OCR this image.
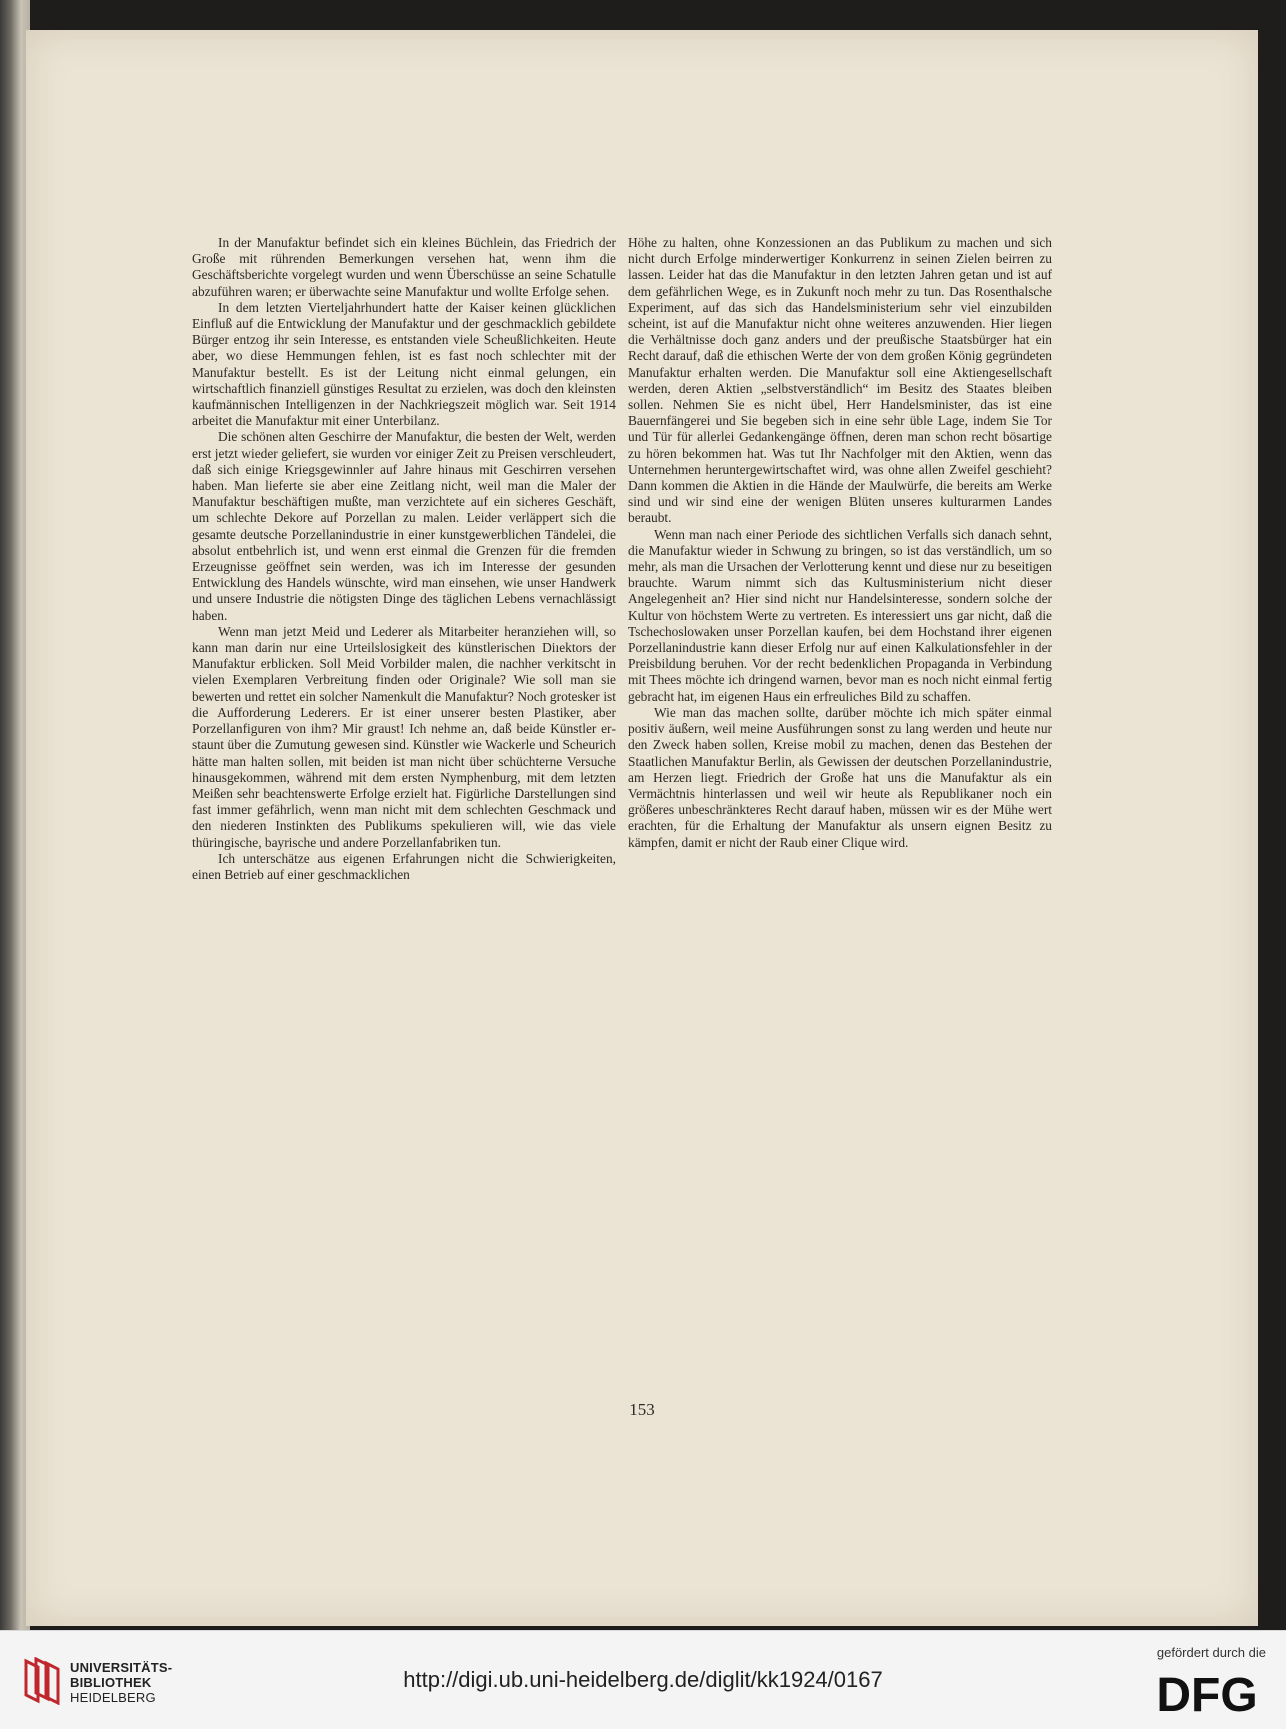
In der Manufaktur befindet sich ein kleines Büchlein, das Friedrich der Große mit rührenden Bemerkungen versehen hat, wenn ihm die Geschäftsberichte vorgelegt wurden und wenn Überschüsse an seine Schatulle abzuführen waren; er überwachte seine Manufaktur und wollte Erfolge sehen.

In dem letzten Vierteljahrhundert hatte der Kaiser keinen glücklichen Einfluß auf die Entwicklung der Manufaktur und der geschmacklich gebildete Bürger entzog ihr sein Interesse, es entstanden viele Scheußlichkeiten. Heute aber, wo diese Hemmungen fehlen, ist es fast noch schlechter mit der Manufaktur bestellt. Es ist der Leitung nicht einmal gelungen, ein wirtschaftlich finanziell günstiges Resultat zu erzielen, was doch den kleinsten kaufmännischen Intelligenzen in der Nachkriegszeit möglich war. Seit 1914 arbeitet die Manufaktur mit einer Unterbilanz.

Die schönen alten Geschirre der Manufaktur, die besten der Welt, werden erst jetzt wieder geliefert, sie wurden vor einiger Zeit zu Preisen verschleudert, daß sich einige Kriegsgewinnler auf Jahre hinaus mit Geschirren versehen haben. Man lieferte sie aber eine Zeitlang nicht, weil man die Maler der Manufaktur beschäftigen mußte, man verzichtete auf ein sicheres Geschäft, um schlechte Dekore auf Porzellan zu malen. Leider verläppert sich die gesamte deutsche Porzellanindustrie in einer kunstgewerblichen Tändelei, die absolut entbehrlich ist, und wenn erst einmal die Grenzen für die fremden Erzeugnisse geöffnet sein werden, was ich im Interesse der gesunden Entwicklung des Handels wünschte, wird man einsehen, wie unser Handwerk und unsere Industrie die nötigsten Dinge des täglichen Lebens vernachlässigt haben.

Wenn man jetzt Meid und Lederer als Mitarbeiter heranziehen will, so kann man darin nur eine Urteilslosigkeit des künstlerischen Diıektors der Manufaktur erblicken. Soll Meid Vorbilder malen, die nachher verkitscht in vielen Exemplaren Verbreitung finden oder Originale? Wie soll man sie bewerten und rettet ein solcher Namenkult die Manufaktur? Noch grotesker ist die Aufforderung Lederers. Er ist einer unserer besten Plastiker, aber Porzellanfiguren von ihm? Mir graust! Ich nehme an, daß beide Künstler erstaunt über die Zumutung gewesen sind. Künstler wie Wackerle und Scheurich hätte man halten sollen, mit beiden ist man nicht über schüchterne Versuche hinausgekommen, während mit dem ersten Nymphenburg, mit dem letzten Meißen sehr beachtenswerte Erfolge erzielt hat. Figürliche Darstellungen sind fast immer gefährlich, wenn man nicht mit dem schlechten Geschmack und den niederen Instinkten des Publikums spekulieren will, wie das viele thüringische, bayrische und andere Porzellanfabriken tun.

Ich unterschätze aus eigenen Erfahrungen nicht die Schwierigkeiten, einen Betrieb auf einer geschmacklichen

Höhe zu halten, ohne Konzessionen an das Publikum zu machen und sich nicht durch Erfolge minderwertiger Konkurrenz in seinen Zielen beirren zu lassen. Leider hat das die Manufaktur in den letzten Jahren getan und ist auf dem gefährlichen Wege, es in Zukunft noch mehr zu tun. Das Rosenthalsche Experiment, auf das sich das Handelsministerium sehr viel einzubilden scheint, ist auf die Manufaktur nicht ohne weiteres anzuwenden. Hier liegen die Verhältnisse doch ganz anders und der preußische Staatsbürger hat ein Recht darauf, daß die ethischen Werte der von dem großen König gegründeten Manufaktur erhalten werden. Die Manufaktur soll eine Aktiengesellschaft werden, deren Aktien „selbstverständlich“ im Besitz des Staates bleiben sollen. Nehmen Sie es nicht übel, Herr Handelsminister, das ist eine Bauernfängerei und Sie begeben sich in eine sehr üble Lage, indem Sie Tor und Tür für allerlei Gedankengänge öffnen, deren man schon recht bösartige zu hören bekommen hat. Was tut Ihr Nachfolger mit den Aktien, wenn das Unternehmen heruntergewirtschaftet wird, was ohne allen Zweifel geschieht? Dann kommen die Aktien in die Hände der Maulwürfe, die bereits am Werke sind und wir sind eine der wenigen Blüten unseres kulturarmen Landes beraubt.

Wenn man nach einer Periode des sichtlichen Verfalls sich danach sehnt, die Manufaktur wieder in Schwung zu bringen, so ist das verständlich, um so mehr, als man die Ursachen der Verlotterung kennt und diese nur zu beseitigen brauchte. Warum nimmt sich das Kultusministerium nicht dieser Angelegenheit an? Hier sind nicht nur Handelsinteresse, sondern solche der Kultur von höchstem Werte zu vertreten. Es interessiert uns gar nicht, daß die Tschechoslowaken unser Porzellan kaufen, bei dem Hochstand ihrer eigenen Porzellanindustrie kann dieser Erfolg nur auf einen Kalkulationsfehler in der Preisbildung beruhen. Vor der recht bedenklichen Propaganda in Verbindung mit Thees möchte ich dringend warnen, bevor man es noch nicht einmal fertig gebracht hat, im eigenen Haus ein erfreuliches Bild zu schaffen.

Wie man das machen sollte, darüber möchte ich mich später einmal positiv äußern, weil meine Ausführungen sonst zu lang werden und heute nur den Zweck haben sollen, Kreise mobil zu machen, denen das Bestehen der Staatlichen Manufaktur Berlin, als Gewissen der deutschen Porzellanindustrie, am Herzen liegt. Friedrich der Große hat uns die Manufaktur als ein Vermächtnis hinterlassen und weil wir heute als Republikaner noch ein größeres unbeschränkteres Recht darauf haben, müssen wir es der Mühe wert erachten, für die Erhaltung der Manufaktur als unsern eignen Besitz zu kämpfen, damit er nicht der Raub einer Clique wird.

153
UNIVERSITÄTS-
BIBLIOTHEK
HEIDELBERG
http://digi.ub.uni-heidelberg.de/diglit/kk1924/0167
gefördert durch die
DFG
